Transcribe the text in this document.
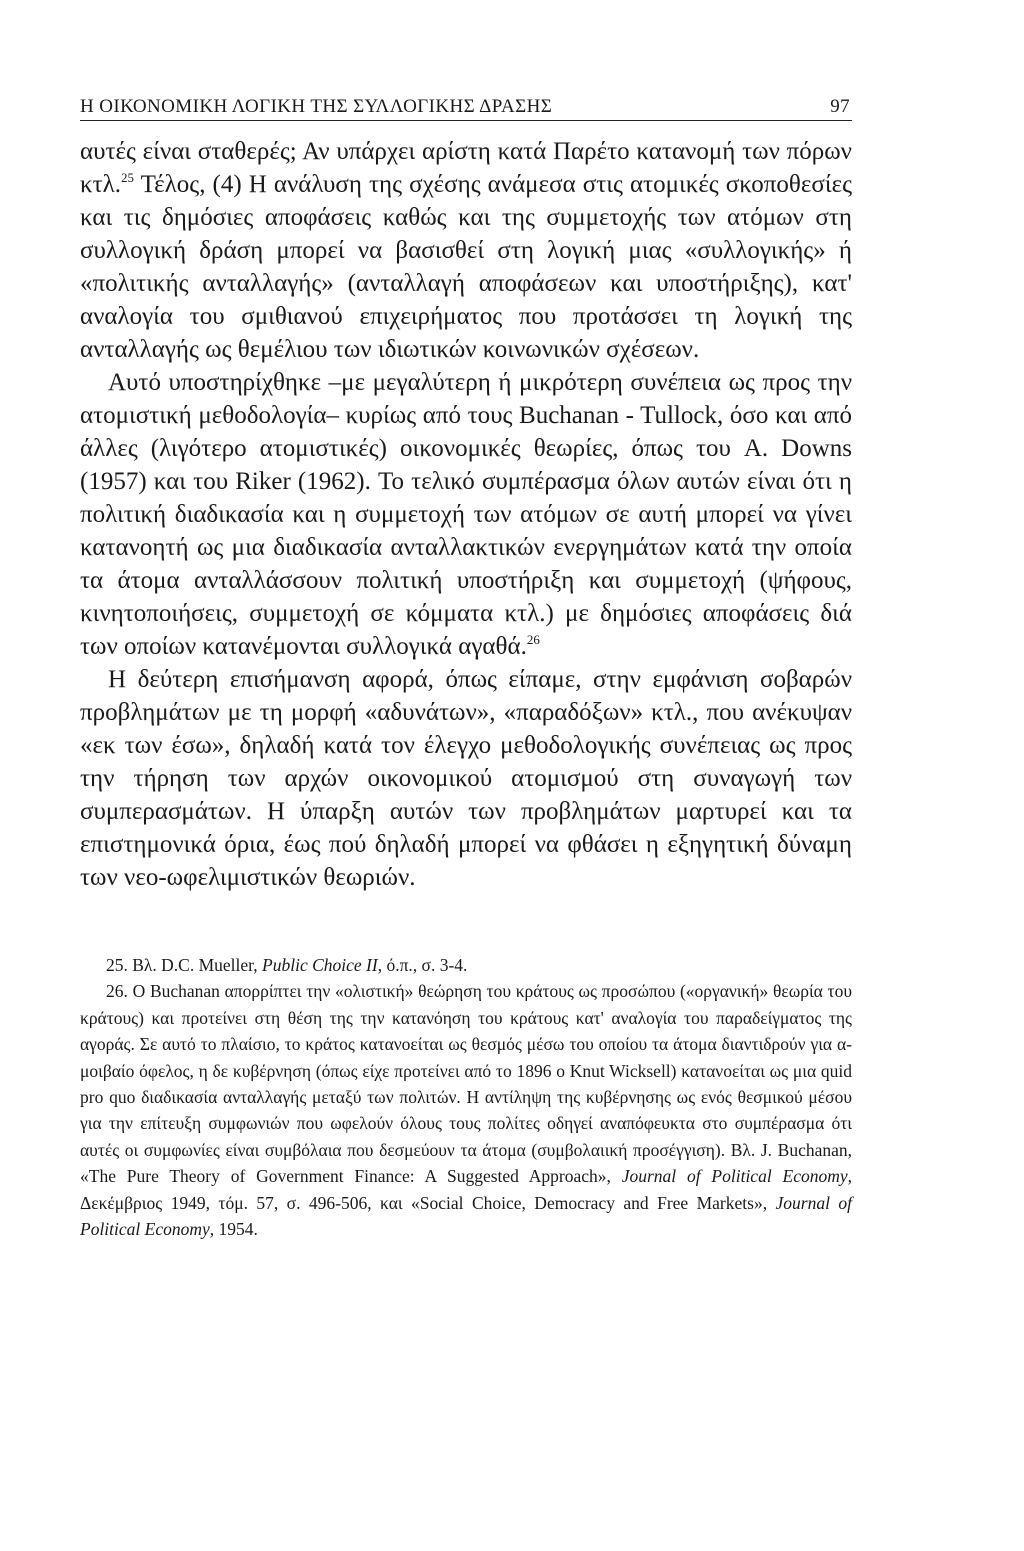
Η ΟΙΚΟΝΟΜΙΚΗ ΛΟΓΙΚΗ ΤΗΣ ΣΥΛΛΟΓΙΚΗΣ ΔΡΑΣΗΣ	97

αυτές είναι σταθερές; Αν υπάρχει αρίστη κατά Παρέτο κατανομή των πόρων κτλ.$^{25}$ Τέλος, (4) Η ανάλυση της σχέσης ανάμεσα στις ατομικές σκοποθεσίες και τις δημόσιες αποφάσεις καθώς και της συμμετοχής των ατόμων στη συλλογική δράση μπορεί να βασισθεί στη λογική μιας «συλλογικής» ή «πολιτικής ανταλλαγής» (ανταλλαγή αποφάσεων και υποστήριξης), κατ' αναλογία του σμιθιανού επιχειρήματος που προτάσσει τη λογική της ανταλλαγής ως θεμέλιου των ιδιωτικών κοινωνικών σχέσεων.

Αυτό υποστηρίχθηκε –με μεγαλύτερη ή μικρότερη συνέπεια ως προς την ατομιστική μεθοδολογία– κυρίως από τους Buchanan - Tullock, όσο και από άλλες (λιγότερο ατομιστικές) οικονομικές θεωρίες, όπως του A. Downs (1957) και του Riker (1962). Το τελικό συμπέρασμα όλων αυτών είναι ότι η πολιτική διαδικασία και η συμμετοχή των ατόμων σε αυτή μπορεί να γίνει κατανοητή ως μια διαδικασία ανταλλακτικών ενεργημάτων κατά την οποία τα άτομα ανταλλάσσουν πολιτική υποστήριξη και συμμετοχή (ψήφους, κινητοποιήσεις, συμμετοχή σε κόμματα κτλ.) με δημόσιες αποφάσεις διά των οποίων κατανέμονται συλλογικά αγαθά.$^{26}$

Η δεύτερη επισήμανση αφορά, όπως είπαμε, στην εμφάνιση σοβαρών προβλημάτων με τη μορφή «αδυνάτων», «παραδόξων» κτλ., που ανέκυψαν «εκ των έσω», δηλαδή κατά τον έλεγχο μεθοδολογικής συνέπειας ως προς την τήρηση των αρχών οικονομικού ατομισμού στη συναγωγή των συμπερασμάτων. Η ύπαρξη αυτών των προβλημάτων μαρτυρεί και τα επιστημονικά όρια, έως πού δηλαδή μπορεί να φθάσει η εξηγητική δύναμη των νεο-ωφελιμιστικών θεωριών.

25. Βλ. D.C. Mueller, Public Choice II, ό.π., σ. 3-4.

26. Ο Buchanan απορρίπτει την «ολιστική» θεώρηση του κράτους ως προσώπου («οργανική» θεωρία του κράτους) και προτείνει στη θέση της την κατανόηση του κράτους κατ' αναλογία του παραδείγματος της αγοράς. Σε αυτό το πλαίσιο, το κράτος κατανοείται ως θεσμός μέσω του οποίου τα άτομα διαντιδρούν για αμοιβαίο όφελος, η δε κυβέρνηση (όπως είχε προτείνει από το 1896 ο Knut Wicksell) κατανοείται ως μια quid pro quo διαδικασία ανταλλαγής μεταξύ των πολιτών. Η αντίληψη της κυβέρνησης ως ενός θεσμικού μέσου για την επίτευξη συμφωνιών που ωφελούν όλους τους πολίτες οδηγεί αναπόφευκτα στο συμπέρασμα ότι αυτές οι συμφωνίες είναι συμβόλαια που δεσμεύουν τα άτομα (συμβολαιική προσέγγιση). Βλ. J. Buchanan, «The Pure Theory of Government Finance: A Suggested Approach», Journal of Political Economy, Δεκέμβριος 1949, τόμ. 57, σ. 496-506, και «Social Choice, Democracy and Free Markets», Journal of Political Economy, 1954.
